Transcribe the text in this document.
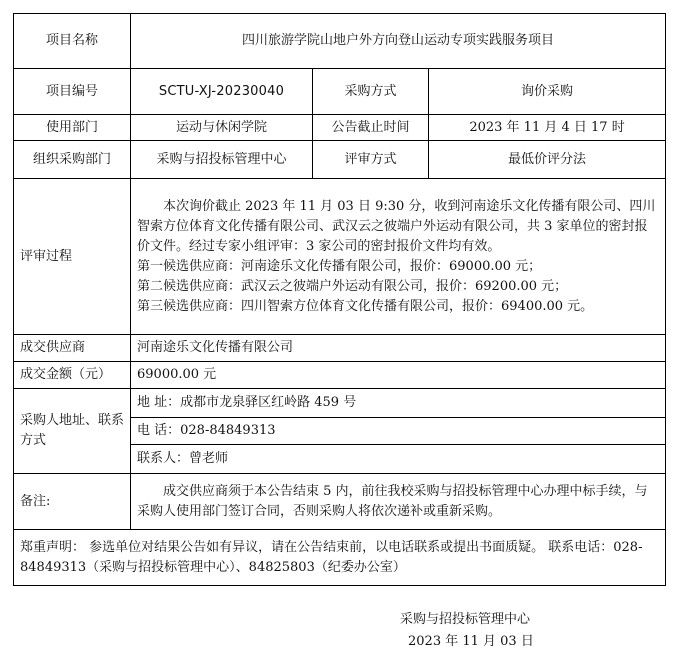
项目名称	四川旅游学院山地户外方向登山运动专项实践服务项目		
项目编号	SCTU-XJ-20230040	采购方式	询价采购
使用部门	运动与休闲学院	公告截止时间	2023 年 11 月 4 日 17 时
组织采购部门	采购与招投标管理中心	评审方式	最低价评分法
评审过程	本次询价截止 2023 年 11 月 03 日 9:30 分，收到河南途乐文化传播有限公司、四川智索方位体育文化传播有限公司、武汉云之彼端户外运动有限公司，共 3 家单位的密封报价文件。经过专家小组评审：3 家公司的密封报价文件均有效。

第一候选供应商：河南途乐文化传播有限公司，报价：69000.00 元；

第二候选供应商：武汉云之彼端户外运动有限公司，报价：69200.00 元；

第三候选供应商：四川智索方位体育文化传播有限公司，报价：69400.00 元。		

成交供应商	河南途乐文化传播有限公司		
成交金额（元）	69000.00 元		
采购人地址、联系方式	地 址：成都市龙泉驿区红岭路 459 号		
	电 话：028-84849313		
	联系人：曾老师		
备注:	成交供应商须于本公告结束 5 内，前往我校采购与招投标管理中心办理中标手续，与采购人使用部门签订合同，否则采购人将依次递补或重新采购。		

郑重声明： 参选单位对结果公告如有异议，请在公告结束前，以电话联系或提出书面质疑。 联系电话：028-84849313（采购与招投标管理中心）、84825803（纪委办公室）			
采购与招投标管理中心
2023 年 11 月 03 日
